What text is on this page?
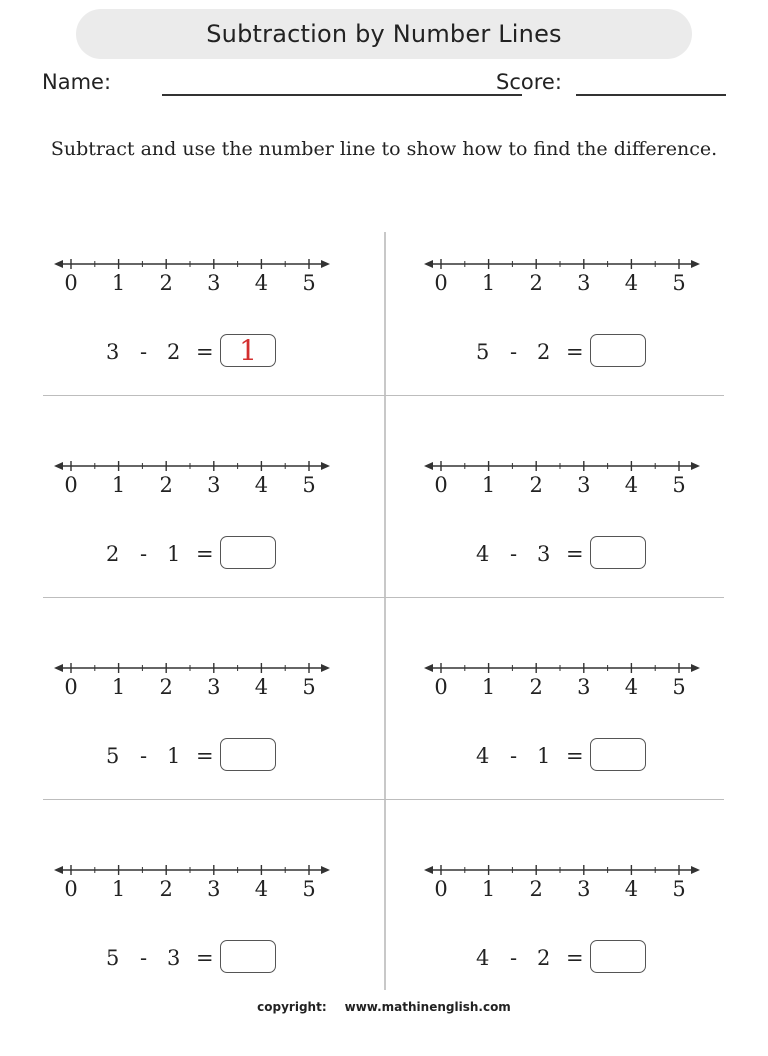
Subtraction by Number Lines
Name:	Score:
Subtract and use the number line to show how to find the difference.
0 1 2 3 4 5
3 - 2 = 1
0 1 2 3 4 5
5 - 2 =
0 1 2 3 4 5
2 - 1 =
0 1 2 3 4 5
4 - 3 =
0 1 2 3 4 5
5 - 1 =
0 1 2 3 4 5
4 - 1 =
0 1 2 3 4 5
5 - 3 =
0 1 2 3 4 5
4 - 2 =
copyright: www.mathinenglish.com
